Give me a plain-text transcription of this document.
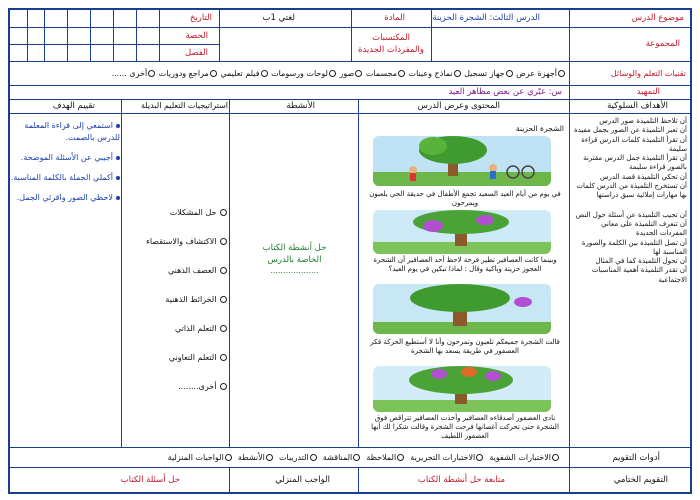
موضوع الدرس
الدرس الثالث: الشجرة الحزينة
المادة
لغتي 1ب
التاريخ
المجموعة
المكتسبات والمفردات الجديدة
الحصة
الفصل
تقنيات التعلم والوسائل
أجهزة عرض جهاز تسجيل نماذج وعينات مجسمات صور لوحات ورسومات فيلم تعليمي مراجع ودوريات أخرى ......
التمهيد
س: عبّري عن بعض مظاهر العيد
الأهداف السلوكية
المحتوى وعرض الدرس
الأنشطة
استراتيجيات التعليم البديلة
تقييم الهدف
أن تلاحظ التلميذة صور الدرس
أن تعبر التلميذة عن الصور بجمل مفيدة
أن تقرأ التلميذة كلمات الدرس قراءة سليمة
أن تقرأ التلميذة جمل الدرس مقترنة بالصور قراءة سليمة
أن تحكي التلميذة قصة الدرس
أن تستخرج التلميذة من الدرس كلمات بها مهارات إملائية سبق دراستها
أن تجيب التلميذة عن أسئلة حول النص
أن تتعرف التلميذة على معاني المفردات الجديدة
أن تصل التلميذة بين الكلمة والصورة المناسبة لها
أن تحول التلميذة كما في المثال
أن تقدر التلميذة أهمية المناسبات الاجتماعية
الشجرة الحزينة
في يوم من أيام العيد السعيد تجمع الأطفال في حديقة الحي يلعبون ويمرحون
وبينما كانت العصافير تطير فرحة لاحظ أحد العصافير أن الشجرة العجوز حزينة وباكية وقال : لماذا تبكين في يوم العيد؟
قالت الشجرة جميعكم تلعبون وتمرحون وأنا لا أستطيع الحركة فكر العصفور في طريقة يسعد بها الشجرة
نادى العصفور أصدقاءه العصافير وأخذت العصافير تتراقص فوق الشجرة حتى تحركت أغصانها فرحت الشجرة وقالت شكرا لك أيها العصفور اللطيف
حل أنشطة الكتاب الخاصة بالدرس
...................
حل المشكلات
الاكتشاف والاستقصاء
العصف الذهني
الخرائط الذهنية
التعلم الذاتي
التعلم التعاوني
أخرى........
استمعي إلى قراءة المعلمة للدرس بالصمت.
أجيبي عن الأسئلة الموضحة.
أكملي الجملة بالكلمة المناسبة.
لاحظي الصور واقرئي الجمل.
أدوات التقويم
الاختبارات الشفوية  الاختبارات التحريرية  الملاحظة  المناقشة  التدريبات  الأنشطة  الواجبات المنزلية
التقويم الختامي
متابعة حل أنشطة الكتاب
الواجب المنزلي
حل أسئلة الكتاب
